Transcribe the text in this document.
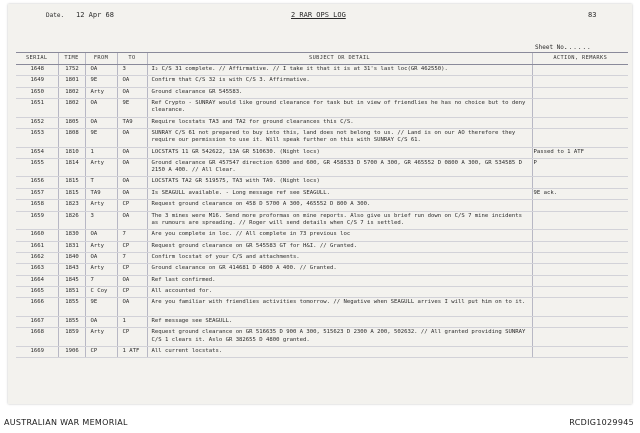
Date. 12 Apr 68	2 RAR OPS LOG	83
Sheet No.
......
SERIAL	TIME	FROM	TO	SUBJECT OR DETAIL	ACTION, REMARKS
1648	1752	OA	3	I₂ C/S 31 complete. // Affirmative. // I take it that it is at 31's last loc(GR 462550).	
1649	1801	9E	OA	Confirm that C/S 32 is with C/S 3. Affirmative.	
1650	1802	Arty	OA	Ground clearance GR 545583.	
1651	1802	OA	9E	Ref Crypto - SUNRAY would like ground clearance for task but in view of friendlies he has no choice but to deny clearance.	
1652	1805	OA	TA9	Require locstats TA3 and TA2 for ground clearances this C/S.	
1653	1808	9E	OA	SUNRAY C/S 61 not prepared to buy into this, land does not belong to us. // Land is on our AO therefore they require our permission to use it. Will speak further on this with SUNRAY C/S 61.	
1654	1810	1	OA	LOCSTATS 11 GR 542622, 13A GR 510630. (Night locs)	Passed to 1 ATF
1655	1814	Arty	OA	Ground clearance GR 457547 direction 6300 and 600, GR 458533 D 5700 A 300, GR 465552 D 0800 A 300, GR 534585 D 2150 A 400. // All Clear.	P
1656	1815	T	OA	LOCSTATS TA2 GR 519575, TA3 with TA9. (Night locs)	
1657	1815	TA9	OA	Is SEAGULL available. - Long message ref see SEAGULL.	9E ack.
1658	1823	Arty	CP	Request ground clearance on 458 D 5700 A 300, 465552 D 800 A 300.	
1659	1826	3	OA	The 3 mines were M16. Send more proformas on mine reports. Also give us brief run down on C/S 7 mine incidents as rumours are spreading. // Roger will send details when C/S 7 is settled.	
1660	1830	OA	7	Are you complete in loc. // All complete in 73 previous loc	
1661	1831	Arty	CP	Request ground clearance on GR 545583 GT for H&I. // Granted.	
1662	1840	OA	7	Confirm locstat of your C/S and attachments.	
1663	1843	Arty	CP	Ground clearance on GR 414681 D 4800 A 400. // Granted.	
1664	1845	7	OA	Ref last confirmed.	
1665	1851	C Coy	CP	All accounted for.	
1666	1855	9E	OA	Are you familiar with friendlies activities tomorrow. // Negative when SEAGULL arrives I will put him on to it.	
1667	1855	OA	1	Ref message see SEAGULL.	
1668	1859	Arty	CP	Request ground clearance on GR 516635 D 900 A 300, 515623 D 2300 A 200, 502632. // All granted providing SUNRAY C/S 1 clears it. Aslo GR 382655 D 4800 granted.	
1669	1906	CP	1 ATF	All current locstats.	
AUSTRALIAN WAR MEMORIAL	RCDIG1029945
